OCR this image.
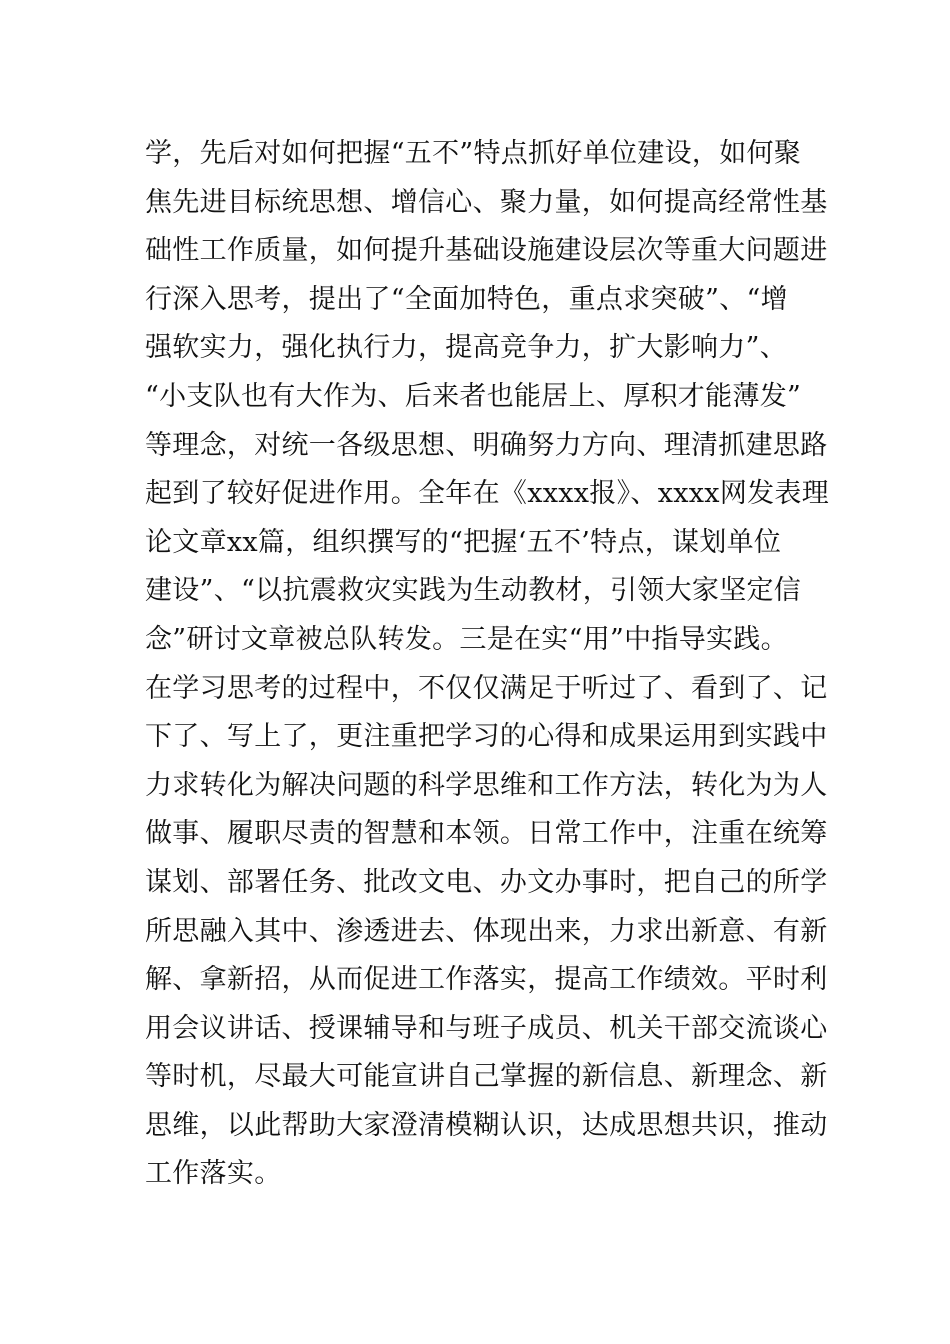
学，先后对如何把握“五不”特点抓好单位建设，如何聚
焦先进目标统思想、增信心、聚力量，如何提高经常性基
础性工作质量，如何提升基础设施建设层次等重大问题进
行深入思考，提出了“全面加特色，重点求突破”、“增
强软实力，强化执行力，提高竞争力，扩大影响力”、
“小支队也有大作为、后来者也能居上、厚积才能薄发”
等理念，对统一各级思想、明确努力方向、理清抓建思路
起到了较好促进作用。全年在《xxxx报》、xxxx网发表理
论文章xx篇，组织撰写的“把握‘五不’特点，谋划单位
建设”、“以抗震救灾实践为生动教材，引领大家坚定信
念”研讨文章被总队转发。三是在实“用”中指导实践。
在学习思考的过程中，不仅仅满足于听过了、看到了、记
下了、写上了，更注重把学习的心得和成果运用到实践中
力求转化为解决问题的科学思维和工作方法，转化为为人
做事、履职尽责的智慧和本领。日常工作中，注重在统筹
谋划、部署任务、批改文电、办文办事时，把自己的所学
所思融入其中、渗透进去、体现出来，力求出新意、有新
解、拿新招，从而促进工作落实，提高工作绩效。平时利
用会议讲话、授课辅导和与班子成员、机关干部交流谈心
等时机，尽最大可能宣讲自己掌握的新信息、新理念、新
思维，以此帮助大家澄清模糊认识，达成思想共识，推动
工作落实。
